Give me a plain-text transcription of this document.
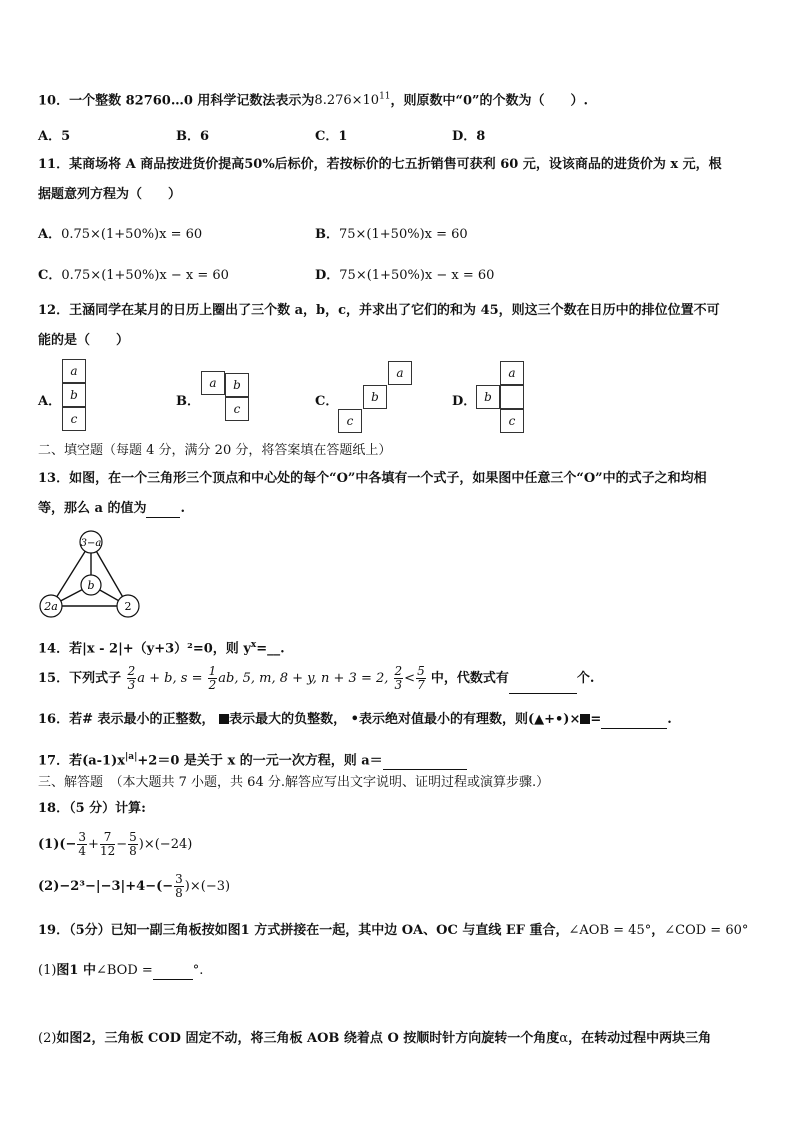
10．一个整数 82760…0 用科学记数法表示为$8.276\times 10^{11}$，则原数中“0”的个数为（　　）.
A．5	B．6	C．1	D．8
11．某商场将 A 商品按进货价提高50%后标价，若按标价的七五折销售可获利 60 元，设该商品的进货价为 x 元，根
据题意列方程为（　　）
A．0.75×(1+50%)x = 60	B．75×(1+50%)x = 60
C．0.75×(1+50%)x − x = 60	D．75×(1+50%)x − x = 60
12．王涵同学在某月的日历上圈出了三个数 a，b，c，并求出了它们的和为 45，则这三个数在日历中的排位位置不可
能的是（　　）
A．
a
b
c
B．
a	b
c	C．
a
b
c
D．
a
b
c
二、填空题（每题 4 分，满分 20 分，将答案填在答题纸上）
13．如图，在一个三角形三个顶点和中心处的每个“O”中各填有一个式子，如果图中任意三个“O”中的式子之和均相
等，那么 a 的值为	.
3−a
b
2a	2
14．若|x - 2|+（y+3）²=0，则 $y^x=\_\_$.
15．下列式子 $\frac{2}{3}$ a + b, $s = \frac{1}{2}$ ab, 5, m, 8 + y, n + 3 = 2, $\frac{2}{3} < \frac{5}{7}$ 中，代数式有	个.
16．若# 表示最小的正整数， 表示最大的负整数， •表示绝对值最小的有理数，则(▲+•)× =	.
17．若$(a-1)x^{|a|}+2=0$ 是关于 x 的一元一次方程，则 a＝
三、解答题　（本大题共 7 小题，共 64 分.解答应写出文字说明、证明过程或演算步骤.）
18．（5 分）计算:
$(1)(- \frac{3}{4} + \frac{7}{12} - \frac{5}{8} )\times(-24)$
$(2)-2^3-|-3|+4-(- \frac{3}{8} )\times(-3)$
19．（5分）已知一副三角板按如图1 方式拼接在一起，其中边 OA、OC 与直线 EF 重合，∠AOB = 45°，∠COD = 60°
(1)图1 中∠BOD =	°.
(2)如图2，三角板 COD 固定不动，将三角板 AOB 绕着点 O 按顺时针方向旋转一个角度α，在转动过程中两块三角
